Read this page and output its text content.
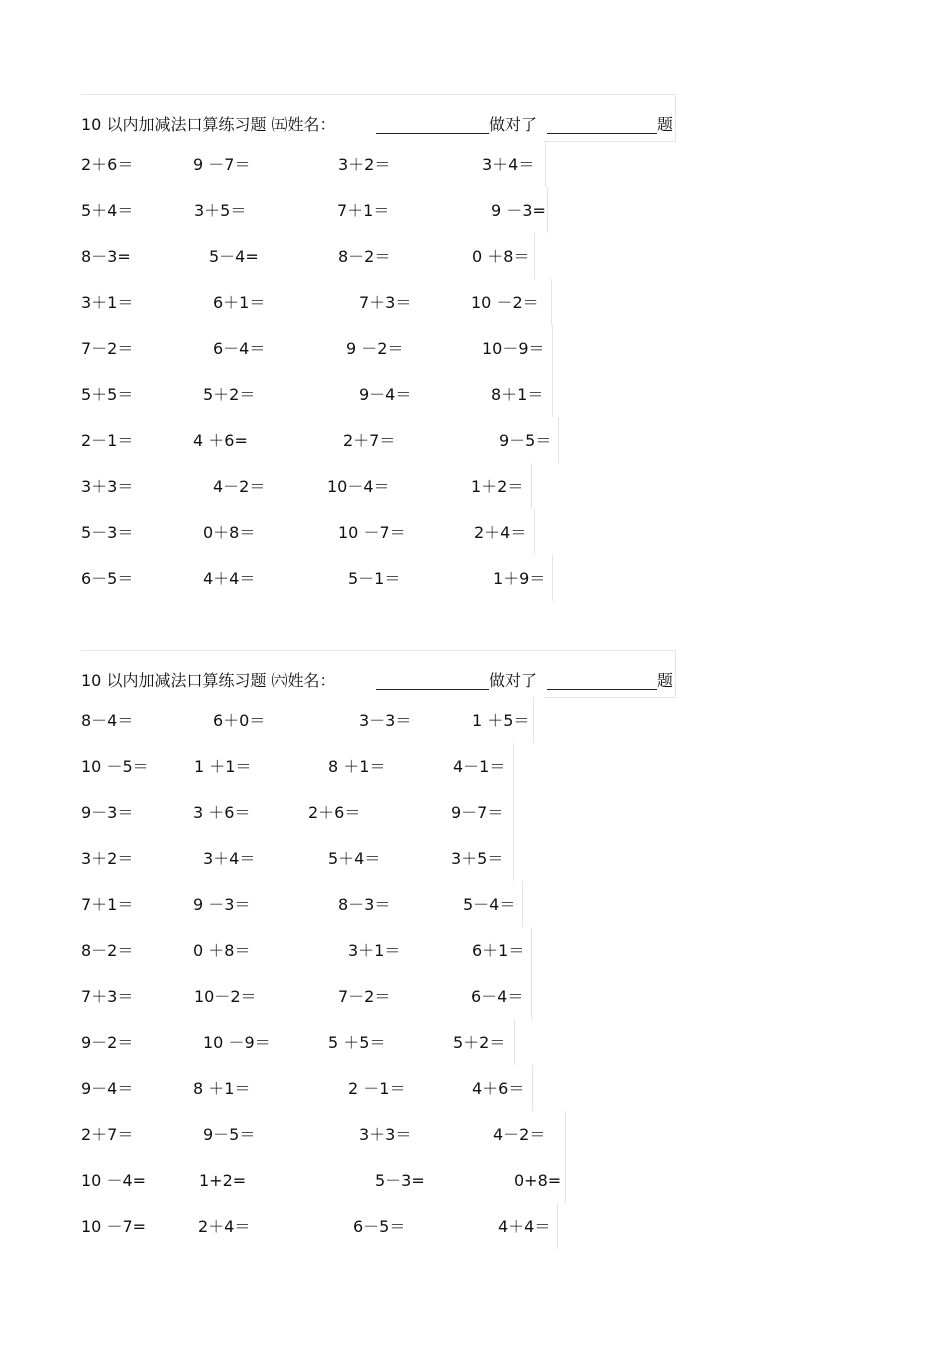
10 以内加减法口算练习题 ㈤姓名：	做对了	题
2＋6＝	9 －7＝	3＋2＝	3＋4＝
5＋4＝	3＋5＝	7＋1＝	9 －3=
8－3=	5－4=	8－2＝	0 ＋8＝
3＋1＝	6＋1＝	7＋3＝	10 －2＝
7－2＝	6－4＝	9 －2＝	10－9＝
5＋5＝	5＋2＝	9－4＝	8＋1＝
2－1＝	4 ＋6=	2＋7＝	9－5＝
3＋3＝	4－2＝	10－4＝	1＋2＝
5－3＝	0＋8＝	10 －7＝	2＋4＝
6－5＝	4＋4＝	5－1＝	1＋9＝
10 以内加减法口算练习题 ㈥姓名：	做对了	题
8－4＝	6＋0＝	3－3＝	1 ＋5＝
10 －5＝	1 ＋1＝	8 ＋1＝	4－1＝
9－3＝	3 ＋6＝	2＋6＝	9－7＝
3＋2＝	3＋4＝	5＋4＝	3＋5＝
7＋1＝	9 －3＝	8－3＝	5－4＝
8－2＝	0 ＋8＝	3＋1＝	6＋1＝
7＋3＝	10－2＝	7－2＝	6－4＝
9－2＝	10 －9＝	5 ＋5＝	5＋2＝
9－4＝	8 ＋1＝	2 －1＝	4＋6＝
2＋7＝	9－5＝	3＋3＝	4－2＝
10 －4=	1+2=	5－3=	0+8=
10 －7=	2＋4＝	6－5＝	4＋4＝
